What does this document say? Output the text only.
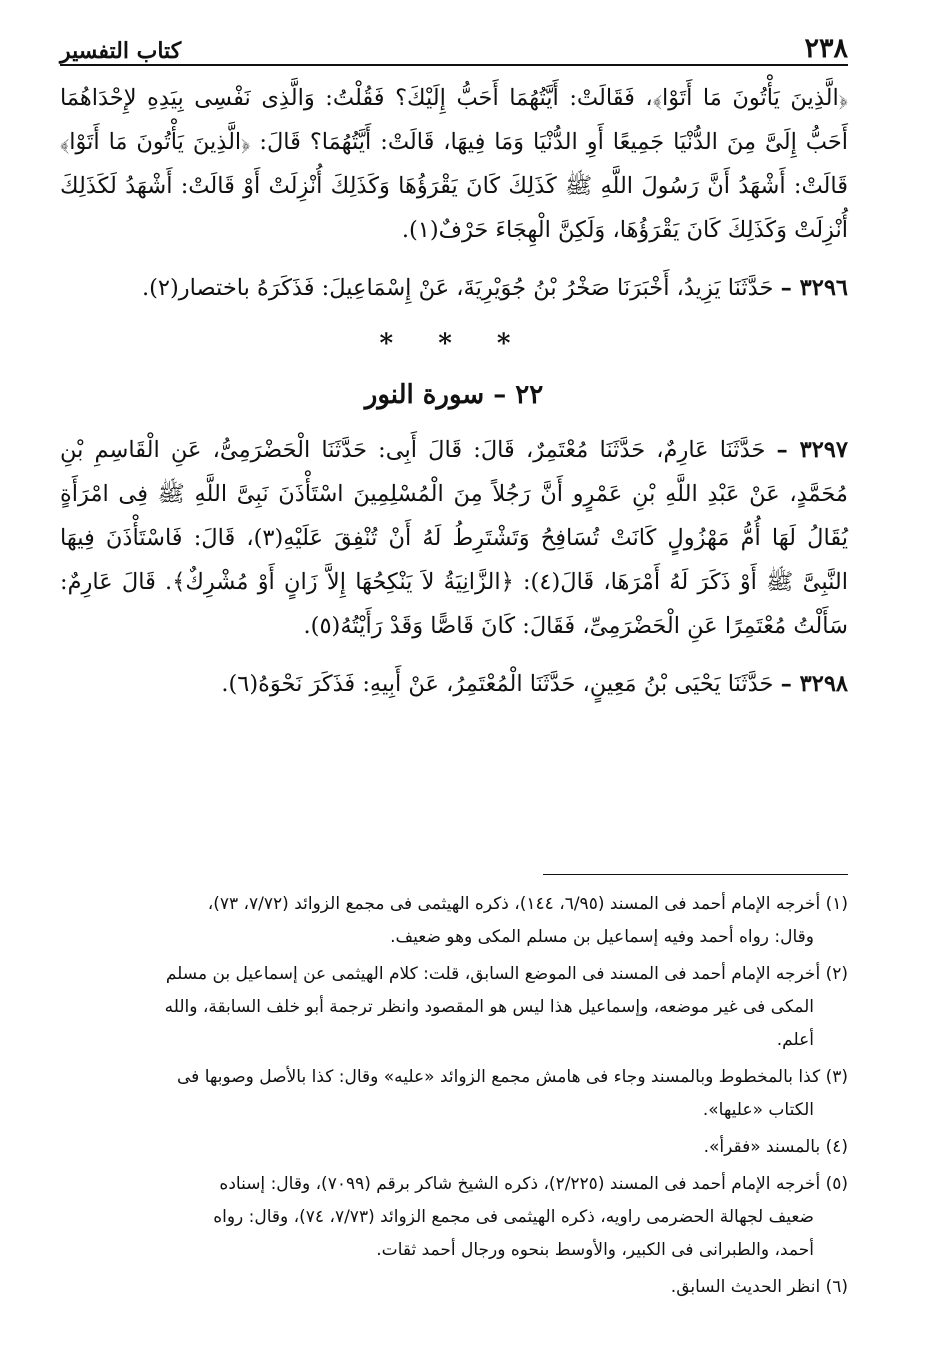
٢٣٨
كتاب التفسير

﴿الَّذِينَ يَأْتُونَ مَا أَتَوْا﴾، فَقَالَتْ: أَيَّتُهُمَا أَحَبُّ إِلَيْكَ؟ فَقُلْتُ: وَالَّذِى نَفْسِى بِيَدِهِ لإِحْدَاهُمَا أَحَبُّ إِلَىَّ مِنَ الدُّنْيَا جَمِيعًا أَوِ الدُّنْيَا وَمَا فِيهَا، قَالَتْ: أَيَّتُهُمَا؟ قَالَ: ﴿الَّذِينَ يَأْتُونَ مَا أَتَوْا﴾ قَالَتْ: أَشْهَدُ أَنَّ رَسُولَ اللَّهِ ﷺ كَذَلِكَ كَانَ يَقْرَؤُهَا وَكَذَلِكَ أُنْزِلَتْ أَوْ قَالَتْ: أَشْهَدُ لَكَذَلِكَ أُنْزِلَتْ وَكَذَلِكَ كَانَ يَقْرَؤُهَا، وَلَكِنَّ الْهِجَاءَ حَرْفٌ(١).

٣٢٩٦ – حَدَّثَنَا يَزِيدُ، أَخْبَرَنَا صَخْرُ بْنُ جُوَيْرِيَةَ، عَنْ إِسْمَاعِيلَ: فَذَكَرَهُ باختصار(٢).

* * *
٢٢ – سورة النور

٣٢٩٧ – حَدَّثَنَا عَارِمٌ، حَدَّثَنَا مُعْتَمِرٌ، قَالَ: قَالَ أَبِى: حَدَّثَنَا الْحَضْرَمِىُّ، عَنِ الْقَاسِمِ بْنِ مُحَمَّدٍ، عَنْ عَبْدِ اللَّهِ بْنِ عَمْرٍو أَنَّ رَجُلاً مِنَ الْمُسْلِمِينَ اسْتَأْذَنَ نَبِىَّ اللَّهِ ﷺ فِى امْرَأَةٍ يُقَالُ لَهَا أُمُّ مَهْزُولٍ كَانَتْ تُسَافِحُ وَتَشْتَرِطُ لَهُ أَنْ تُنْفِقَ عَلَيْهِ(٣)، قَالَ: فَاسْتَأْذَنَ فِيهَا النَّبِىَّ ﷺ أَوْ ذَكَرَ لَهُ أَمْرَهَا، قَالَ(٤): ﴿الزَّانِيَةُ لاَ يَنْكِحُهَا إِلاَّ زَانٍ أَوْ مُشْرِكٌ﴾. قَالَ عَارِمٌ: سَأَلْتُ مُعْتَمِرًا عَنِ الْحَضْرَمِىِّ، فَقَالَ: كَانَ قَاصًّا وَقَدْ رَأَيْتُهُ(٥).

٣٢٩٨ – حَدَّثَنَا يَحْيَى بْنُ مَعِينٍ، حَدَّثَنَا الْمُعْتَمِرُ، عَنْ أَبِيهِ: فَذَكَرَ نَحْوَهُ(٦).

(١) أخرجه الإمام أحمد فى المسند (٦/٩٥، ١٤٤)، ذكره الهيثمى فى مجمع الزوائد (٧/٧٢، ٧٣)،
وقال: رواه أحمد وفيه إسماعيل بن مسلم المكى وهو ضعيف.

(٢) أخرجه الإمام أحمد فى المسند فى الموضع السابق، قلت: كلام الهيثمى عن إسماعيل بن مسلم
المكى فى غير موضعه، وإسماعيل هذا ليس هو المقصود وانظر ترجمة أبو خلف السابقة، والله
أعلم.

(٣) كذا بالمخطوط وبالمسند وجاء فى هامش مجمع الزوائد «عليه» وقال: كذا بالأصل وصوبها فى
الكتاب «عليها».

(٤) بالمسند «فقرأ».

(٥) أخرجه الإمام أحمد فى المسند (٢/٢٢٥)، ذكره الشيخ شاكر برقم (٧٠٩٩)، وقال: إسناده
ضعيف لجهالة الحضرمى راويه، ذكره الهيثمى فى مجمع الزوائد (٧/٧٣، ٧٤)، وقال: رواه
أحمد، والطبرانى فى الكبير، والأوسط بنحوه ورجال أحمد ثقات.

(٦) انظر الحديث السابق.
